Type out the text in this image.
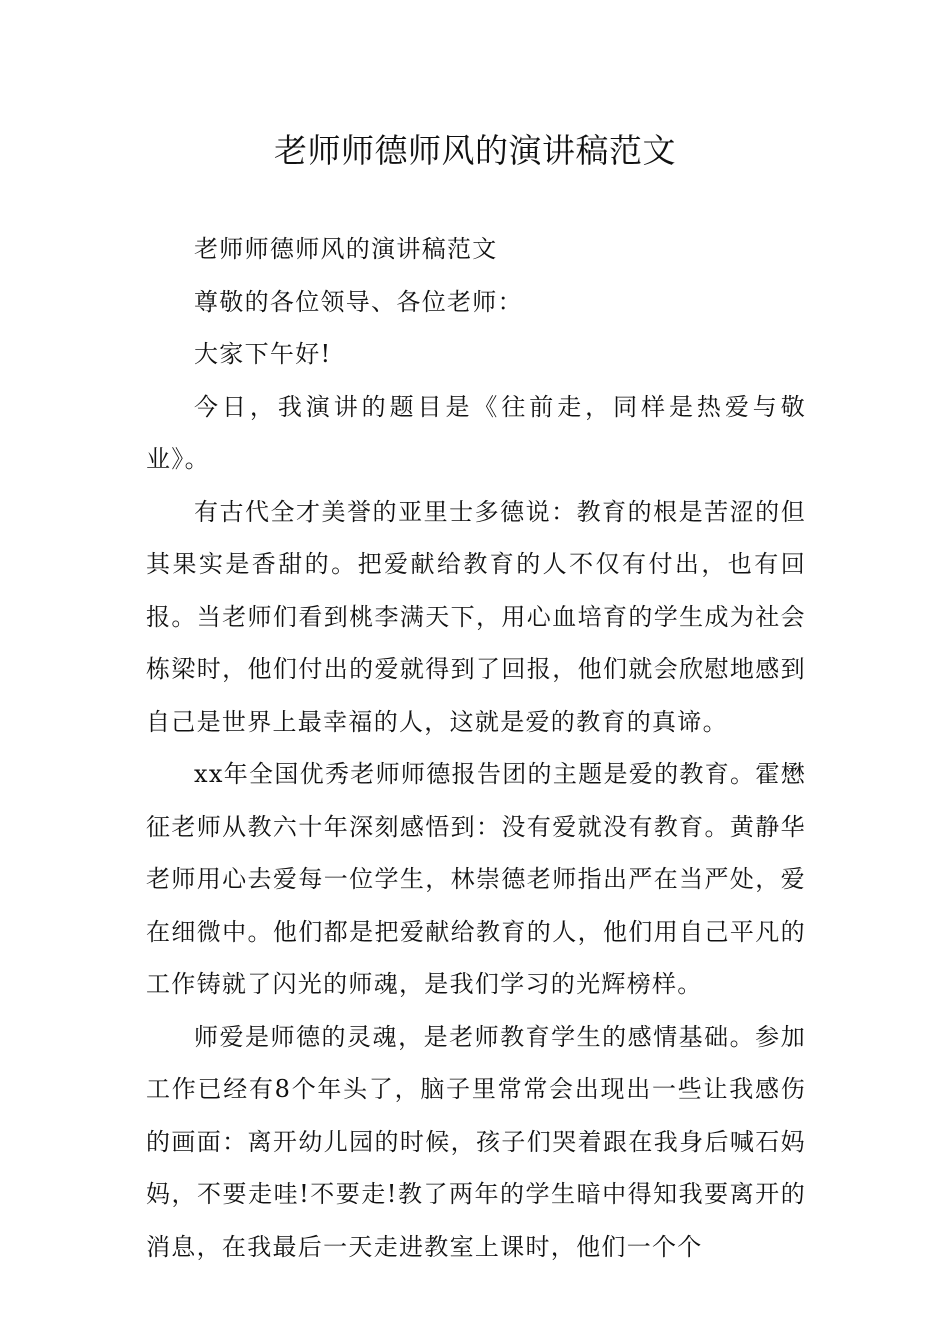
老师师德师风的演讲稿范文

老师师德师风的演讲稿范文

尊敬的各位领导、各位老师：

大家下午好!

今日，我演讲的题目是《往前走，同样是热爱与敬业》。

有古代全才美誉的亚里士多德说：教育的根是苦涩的但其果实是香甜的。把爱献给教育的人不仅有付出，也有回报。当老师们看到桃李满天下，用心血培育的学生成为社会栋梁时，他们付出的爱就得到了回报，他们就会欣慰地感到自己是世界上最幸福的人，这就是爱的教育的真谛。

xx年全国优秀老师师德报告团的主题是爱的教育。霍懋征老师从教六十年深刻感悟到：没有爱就没有教育。黄静华老师用心去爱每一位学生，林崇德老师指出严在当严处，爱在细微中。他们都是把爱献给教育的人，他们用自己平凡的工作铸就了闪光的师魂，是我们学习的光辉榜样。

师爱是师德的灵魂，是老师教育学生的感情基础。参加工作已经有8个年头了，脑子里常常会出现出一些让我感伤的画面：离开幼儿园的时候，孩子们哭着跟在我身后喊石妈妈，不要走哇!不要走!教了两年的学生暗中得知我要离开的消息，在我最后一天走进教室上课时，他们一个个
